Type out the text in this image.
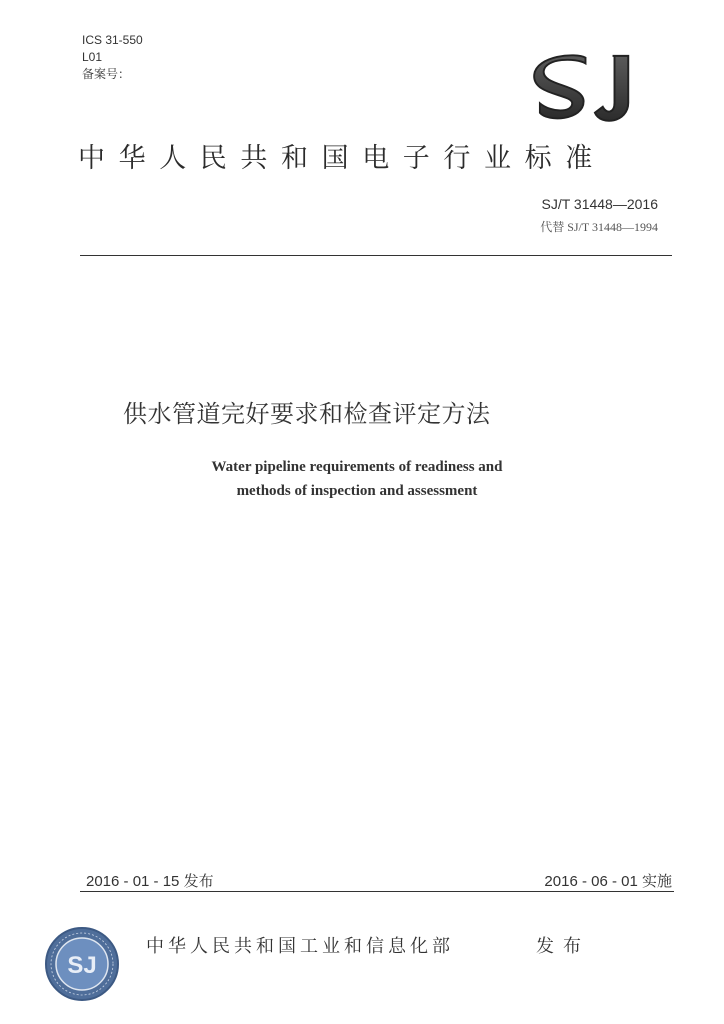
ICS 31-550
L01
备案号：
中华人民共和国电子行业标准
SJ/T 31448—2016
代替 SJ/T 31448—1994
供水管道完好要求和检查评定方法
Water pipeline requirements of readiness and
methods of inspection and assessment
2016 - 01 - 15 发布	2016 - 06 - 01 实施
SJ
中华人民共和国工业和信息化部	发布
